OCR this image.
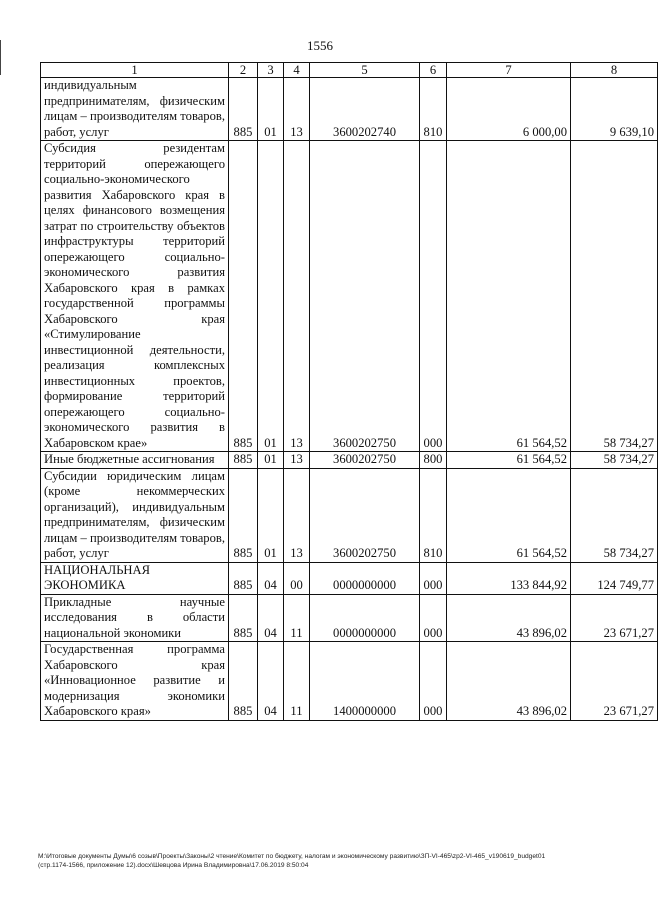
1556
1	2	3	4	5	6	7	8
индивидуальным предпринимателям, физическим лицам – производителям товаров, работ, услуг	885	01	13	3600202740	810	6 000,00	9 639,10
Субсидия резидентам территорий опережающего социально-экономического развития Хабаровского края в целях финансового возмещения затрат по строительству объектов инфраструктуры территорий опережающего социально-экономического развития Хабаровского края в рамках государственной программы Хабаровского края «Стимулирование инвестиционной деятельности, реализация комплексных инвестиционных проектов, формирование территорий опережающего социально-экономического развития в Хабаровском крае»	885	01	13	3600202750	000	61 564,52	58 734,27
Иные бюджетные ассигнования	885	01	13	3600202750	800	61 564,52	58 734,27
Субсидии юридическим лицам (кроме некоммерческих организаций), индивидуальным предпринимателям, физическим лицам – производителям товаров, работ, услуг	885	01	13	3600202750	810	61 564,52	58 734,27
НАЦИОНАЛЬНАЯ ЭКОНОМИКА	885	04	00	0000000000	000	133 844,92	124 749,77
Прикладные научные исследования в области национальной экономики	885	04	11	0000000000	000	43 896,02	23 671,27
Государственная программа Хабаровского края «Инновационное развитие и модернизация экономики Хабаровского края»	885	04	11	1400000000	000	43 896,02	23 671,27
M:\Итоговые документы Думы\6 созыв\Проекты\Законы\2 чтение\Комитет по бюджету, налогам и экономическому развитию\ЗП-VI-465\zp2-VI-465_v190619_budget01
(стр.1174-1566, приложение 12).docx\Шевцова Ирина Владимировна\17.06.2019 8:50:04
